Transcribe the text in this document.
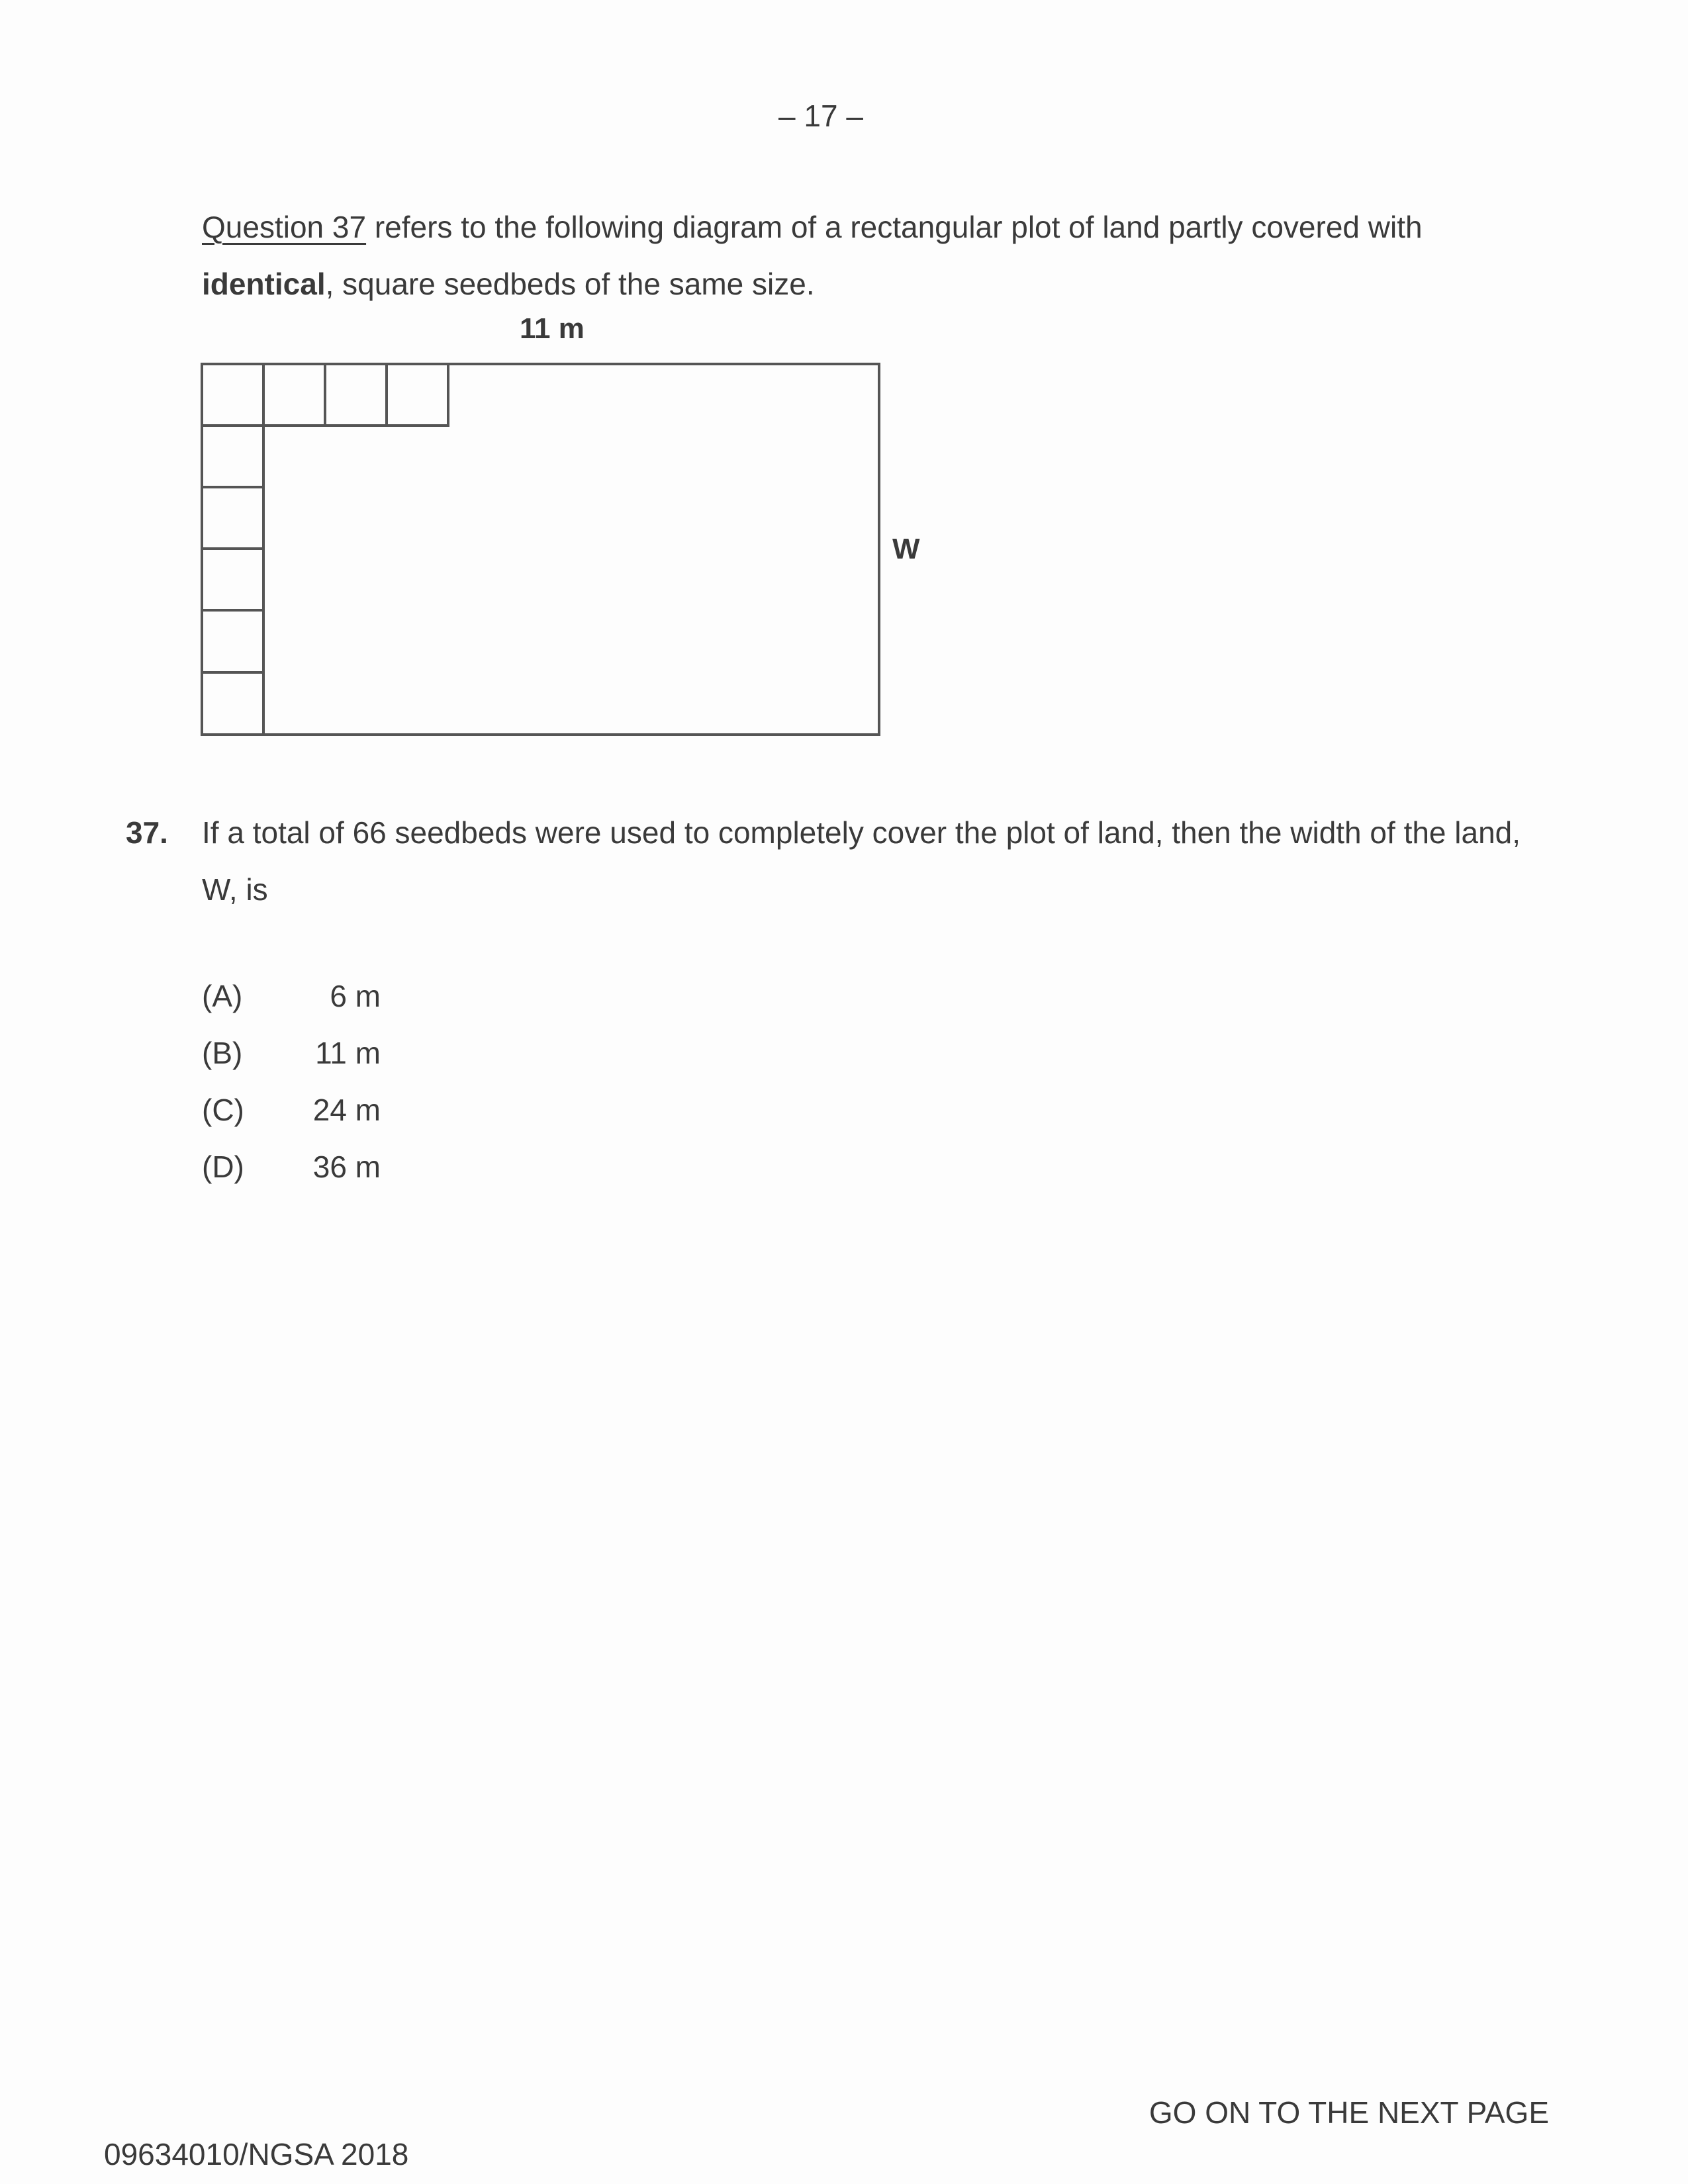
– 17 –
Question 37 refers to the following diagram of a rectangular plot of land partly covered with identical, square seedbeds of the same size.
11 m
W
37. If a total of 66 seedbeds were used to completely cover the plot of land, then the width of the land, W, is
(A)	6 m
(B) 11 m
(C) 24 m
(D) 36 m
GO ON TO THE NEXT PAGE
09634010/NGSA 2018
